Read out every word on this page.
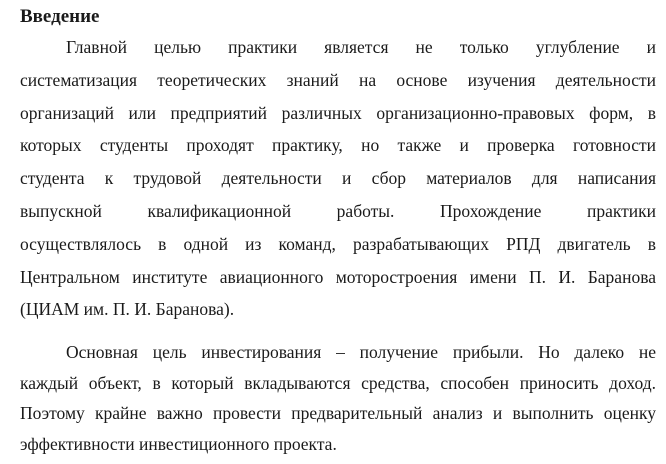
Введение
Главной целью практики является не только углубление и
систематизация теоретических знаний на основе изучения деятельности
организаций или предприятий различных организационно-правовых форм, в
которых студенты проходят практику, но также и проверка готовности
студента к трудовой деятельности и сбор материалов для написания
выпускной квалификационной работы. Прохождение практики
осуществлялось в одной из команд, разрабатывающих РПД двигатель в
Центральном институте авиационного моторостроения имени П. И. Баранова
(ЦИАМ им. П. И. Баранова).
Основная цель инвестирования – получение прибыли. Но далеко не
каждый объект, в который вкладываются средства, способен приносить доход.
Поэтому крайне важно провести предварительный анализ и выполнить оценку
эффективности инвестиционного проекта.
